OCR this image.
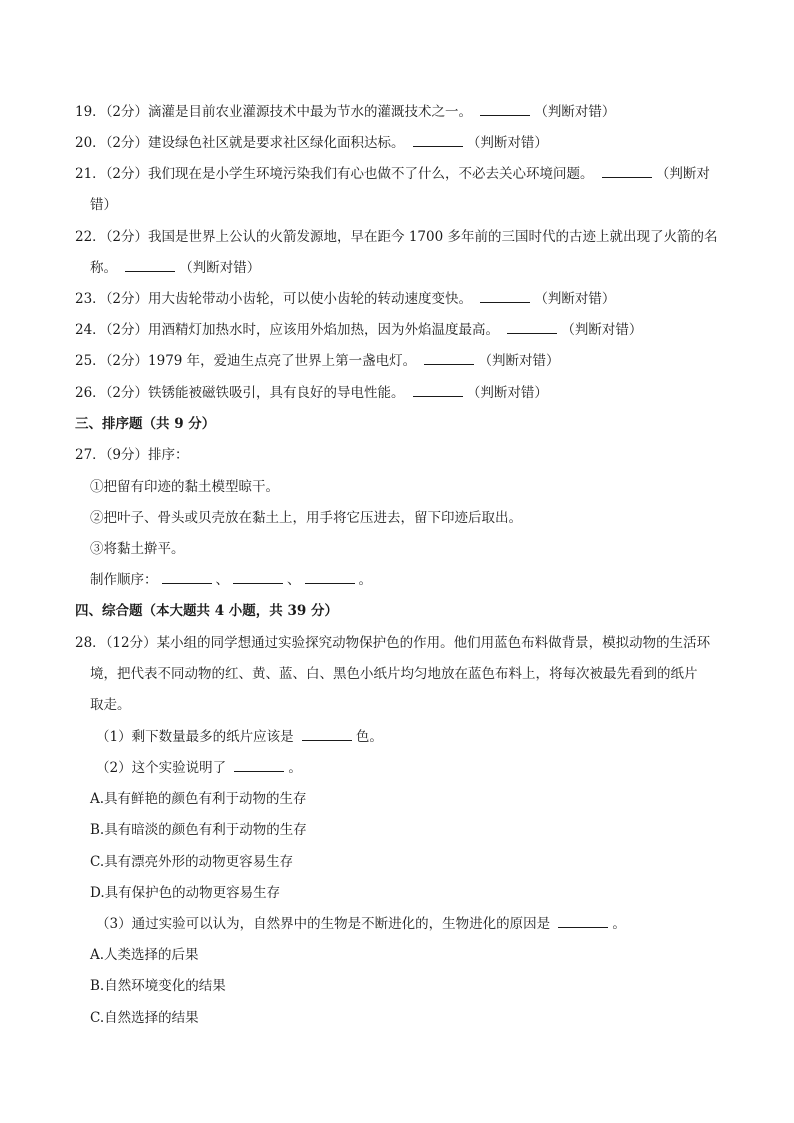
19．（2分）滴灌是目前农业灌源技术中最为节水的灌溉技术之一。	（判断对错）
20．（2分）建设绿色社区就是要求社区绿化面积达标。	（判断对错）
21．（2分）我们现在是小学生环境污染我们有心也做不了什么，不必去关心环境问题。	（判断对
错）
22．（2分）我国是世界上公认的火箭发源地，早在距今 1700 多年前的三国时代的古迹上就出现了火箭的名
称。	（判断对错）
23．（2分）用大齿轮带动小齿轮，可以使小齿轮的转动速度变快。	（判断对错）
24．（2分）用酒精灯加热水时，应该用外焰加热，因为外焰温度最高。	（判断对错）
25．（2分）1979 年，爱迪生点亮了世界上第一盏电灯。	（判断对错）
26．（2分）铁锈能被磁铁吸引，具有良好的导电性能。	（判断对错）
三、排序题（共 9 分）
27．（9分）排序：
①把留有印迹的黏土模型晾干。
②把叶子、骨头或贝壳放在黏土上，用手将它压进去，留下印迹后取出。
③将黏土擀平。
制作顺序：	、	、	。
四、综合题（本大题共 4 小题，共 39 分）
28．（12分）某小组的同学想通过实验探究动物保护色的作用。他们用蓝色布料做背景，模拟动物的生活环
境，把代表不同动物的红、黄、蓝、白、黑色小纸片均匀地放在蓝色布料上，将每次被最先看到的纸片
取走。
（1）剩下数量最多的纸片应该是	色。
（2）这个实验说明了	。
A.具有鲜艳的颜色有利于动物的生存
B.具有暗淡的颜色有利于动物的生存
C.具有漂亮外形的动物更容易生存
D.具有保护色的动物更容易生存
（3）通过实验可以认为，自然界中的生物是不断进化的，生物进化的原因是	。
A.人类选择的后果
B.自然环境变化的结果
C.自然选择的结果
